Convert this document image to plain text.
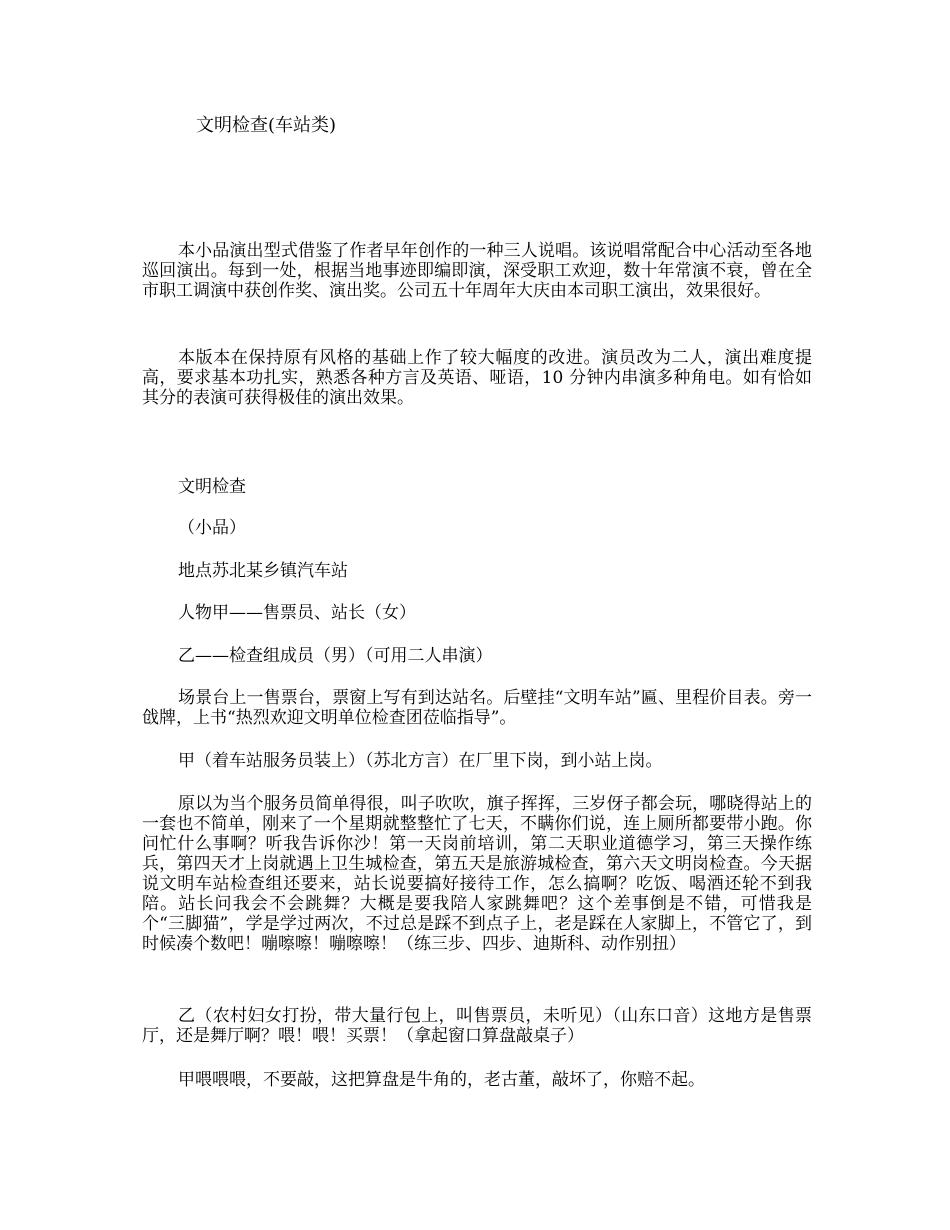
文明检查(车站类)

本小品演出型式借鉴了作者早年创作的一种三人说唱。该说唱常配合中心活动至各地巡回演出。每到一处，根据当地事迹即编即演，深受职工欢迎，数十年常演不衰，曾在全市职工调演中获创作奖、演出奖。公司五十年周年大庆由本司职工演出，效果很好。

本版本在保持原有风格的基础上作了较大幅度的改进。演员改为二人，演出难度提高，要求基本功扎实，熟悉各种方言及英语、哑语，10 分钟内串演多种角电。如有恰如其分的表演可获得极佳的演出效果。

文明检查

（小品）

地点苏北某乡镇汽车站

人物甲——售票员、站长（女）

乙——检查组成员（男）（可用二人串演）

场景台上一售票台，票窗上写有到达站名。后壁挂“文明车站”匾、里程价目表。旁一戗牌，上书“热烈欢迎文明单位检查团莅临指导”。

甲（着车站服务员装上）（苏北方言）在厂里下岗，到小站上岗。

原以为当个服务员简单得很，叫子吹吹，旗子挥挥，三岁伢子都会玩，哪晓得站上的一套也不简单，刚来了一个星期就整整忙了七天，不瞒你们说，连上厕所都要带小跑。你问忙什么事啊？听我告诉你沙！第一天岗前培训，第二天职业道德学习，第三天操作练兵，第四天才上岗就遇上卫生城检查，第五天是旅游城检查，第六天文明岗检查。今天据说文明车站检查组还要来，站长说要搞好接待工作，怎么搞啊？吃饭、喝酒还轮不到我陪。站长问我会不会跳舞？大概是要我陪人家跳舞吧？这个差事倒是不错，可惜我是个“三脚猫”，学是学过两次，不过总是踩不到点子上，老是踩在人家脚上，不管它了，到时候凑个数吧！嘣嚓嚓！嘣嚓嚓！（练三步、四步、迪斯科、动作别扭）

乙（农村妇女打扮，带大量行包上，叫售票员，未听见）（山东口音）这地方是售票厅，还是舞厅啊？喂！喂！买票！（拿起窗口算盘敲桌子）

甲喂喂喂，不要敲，这把算盘是牛角的，老古董，敲坏了，你赔不起。
